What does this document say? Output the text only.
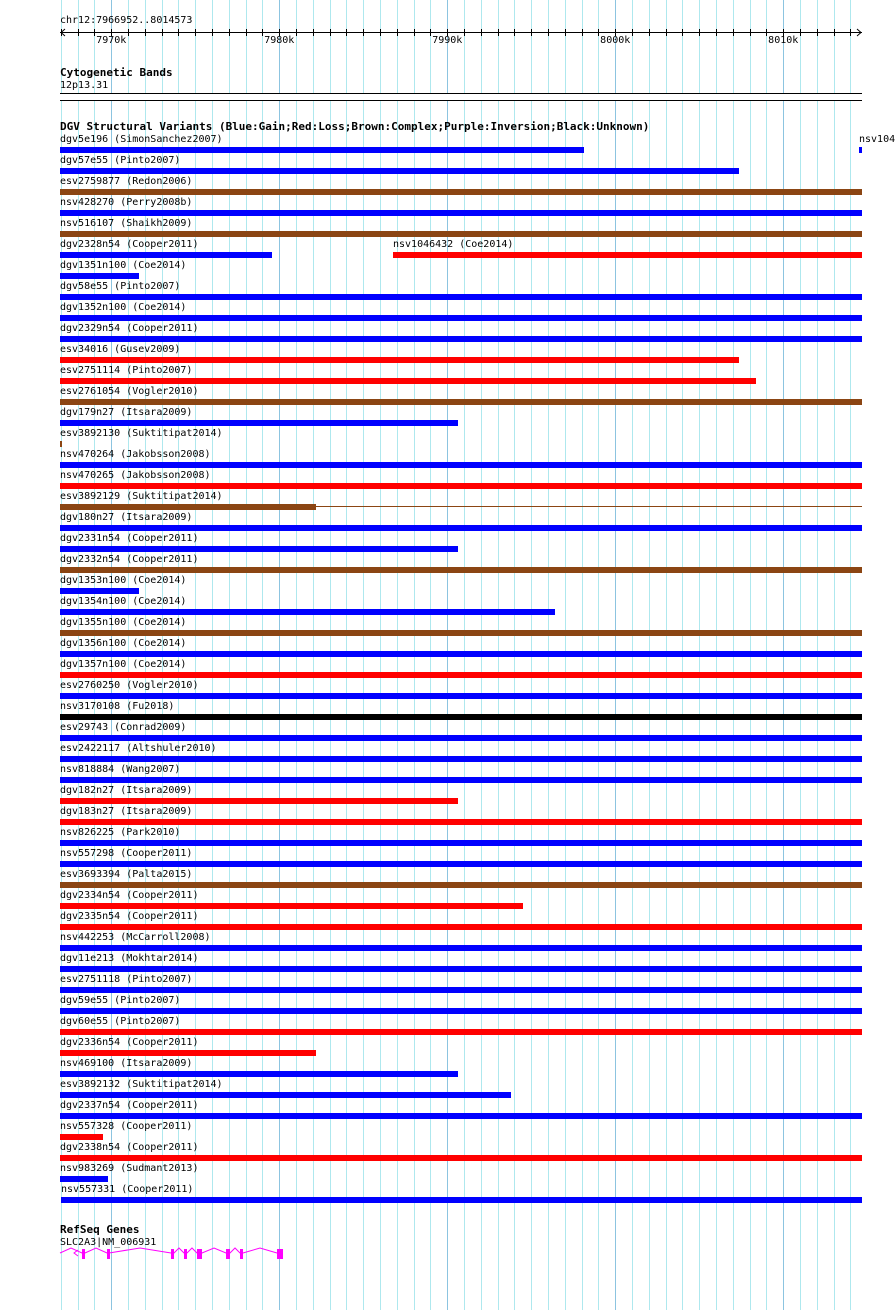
chr12:7966952..8014573
7970k	7980k	7990k	8000k	8010k
Cytogenetic Bands
12p13.31
DGV Structural Variants (Blue:Gain;Red:Loss;Brown:Complex;Purple:Inversion;Black:Unknown)
dgv5e196 (SimonSanchez2007)	nsv104
dgv57e55 (Pinto2007)
esv2759877 (Redon2006)
nsv428270 (Perry2008b)
nsv516107 (Shaikh2009)
dgv2328n54 (Cooper2011)	nsv1046432 (Coe2014)
dgv1351n100 (Coe2014)
dgv58e55 (Pinto2007)
dgv1352n100 (Coe2014)
dgv2329n54 (Cooper2011)
esv34016 (Gusev2009)
esv2751114 (Pinto2007)
esv2761054 (Vogler2010)
dgv179n27 (Itsara2009)
esv3892130 (Suktitipat2014)
nsv470264 (Jakobsson2008)
nsv470265 (Jakobsson2008)
esv3892129 (Suktitipat2014)
dgv180n27 (Itsara2009)
dgv2331n54 (Cooper2011)
dgv2332n54 (Cooper2011)
dgv1353n100 (Coe2014)
dgv1354n100 (Coe2014)
dgv1355n100 (Coe2014)
dgv1356n100 (Coe2014)
dgv1357n100 (Coe2014)
esv2760250 (Vogler2010)
nsv3170108 (Fu2018)
esv29743 (Conrad2009)
esv2422117 (Altshuler2010)
nsv818884 (Wang2007)
dgv182n27 (Itsara2009)
dgv183n27 (Itsara2009)
nsv826225 (Park2010)
nsv557298 (Cooper2011)
esv3693394 (Palta2015)
dgv2334n54 (Cooper2011)
dgv2335n54 (Cooper2011)
nsv442253 (McCarroll2008)
dgv11e213 (Mokhtar2014)
esv2751118 (Pinto2007)
dgv59e55 (Pinto2007)
dgv60e55 (Pinto2007)
dgv2336n54 (Cooper2011)
nsv469100 (Itsara2009)
esv3892132 (Suktitipat2014)
dgv2337n54 (Cooper2011)
nsv557328 (Cooper2011)
dgv2338n54 (Cooper2011)
nsv983269 (Sudmant2013)
nsv557331 (Cooper2011)
RefSeq Genes
SLC2A3|NM_006931
